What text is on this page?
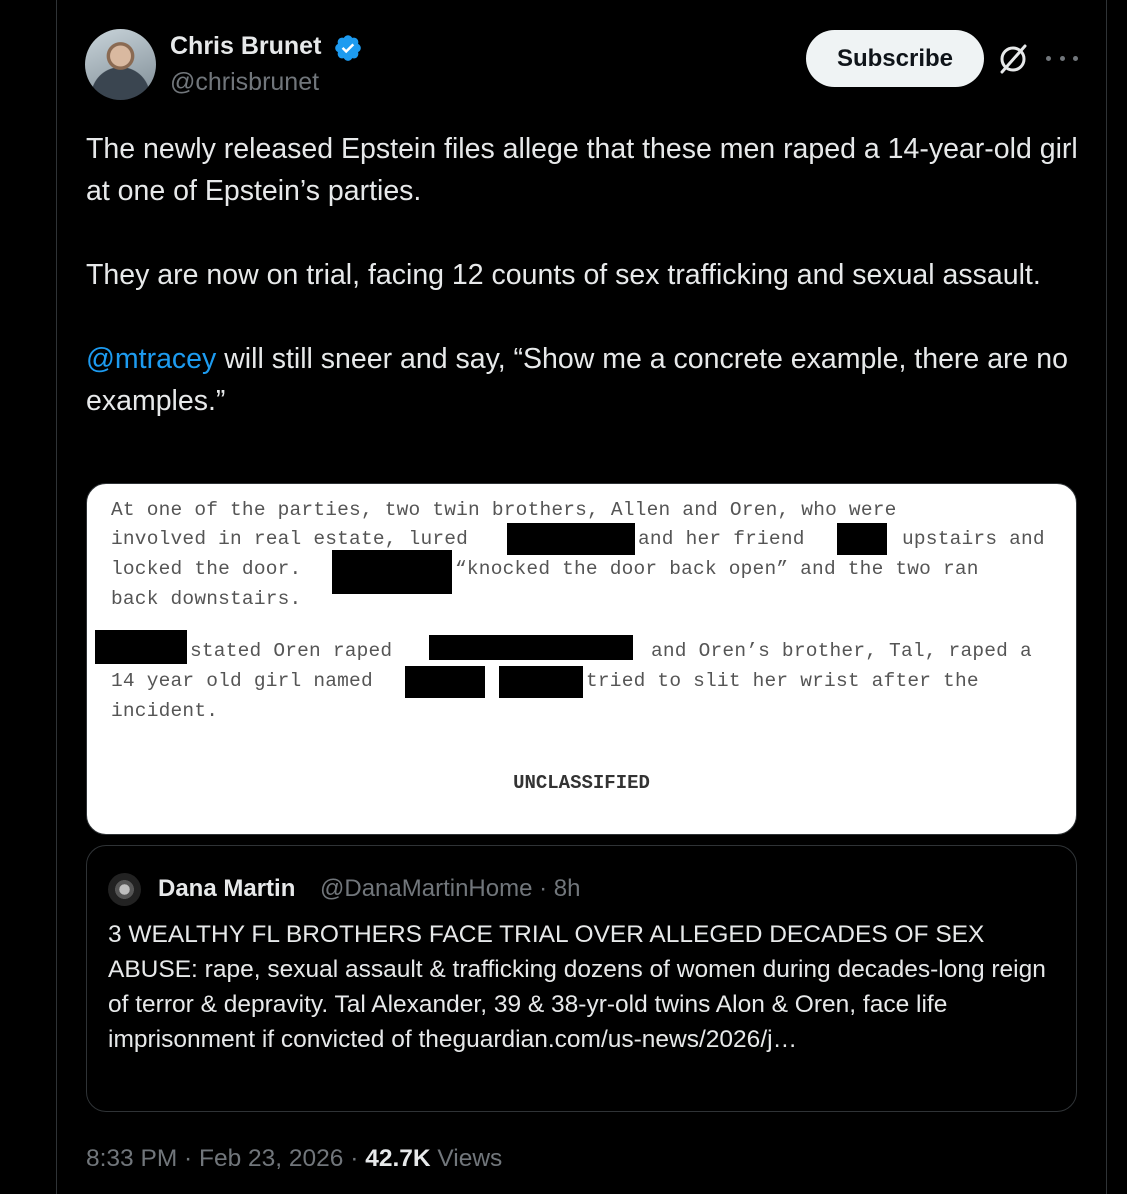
Chris Brunet
@chrisbrunet
Subscribe

The newly released Epstein files allege that these men raped a 14-year-old girl at one of Epstein’s parties.

They are now on trial, facing 12 counts of sex trafficking and sexual assault.

@mtracey will still sneer and say, “Show me a concrete example, there are no examples.”

At one of the parties, two twin brothers, Allen and Oren, who were
involved in real estate, lured	and her friend	upstairs and
locked the door.	“knocked the door back open” and the two ran
back downstairs.
stated Oren raped	and Oren’s brother, Tal, raped a
14 year old girl named	tried to slit her wrist after the
incident.
UNCLASSIFIED
Dana Martin @DanaMartinHome · 8h
3 WEALTHY FL BROTHERS FACE TRIAL OVER ALLEGED DECADES OF SEX ABUSE: rape, sexual assault & trafficking dozens of women during decades-long reign of terror & depravity. Tal Alexander, 39 & 38-yr-old twins Alon & Oren, face life imprisonment if convicted of theguardian.com/us-news/2026/j…
8:33 PM · Feb 23, 2026 · 42.7K Views
